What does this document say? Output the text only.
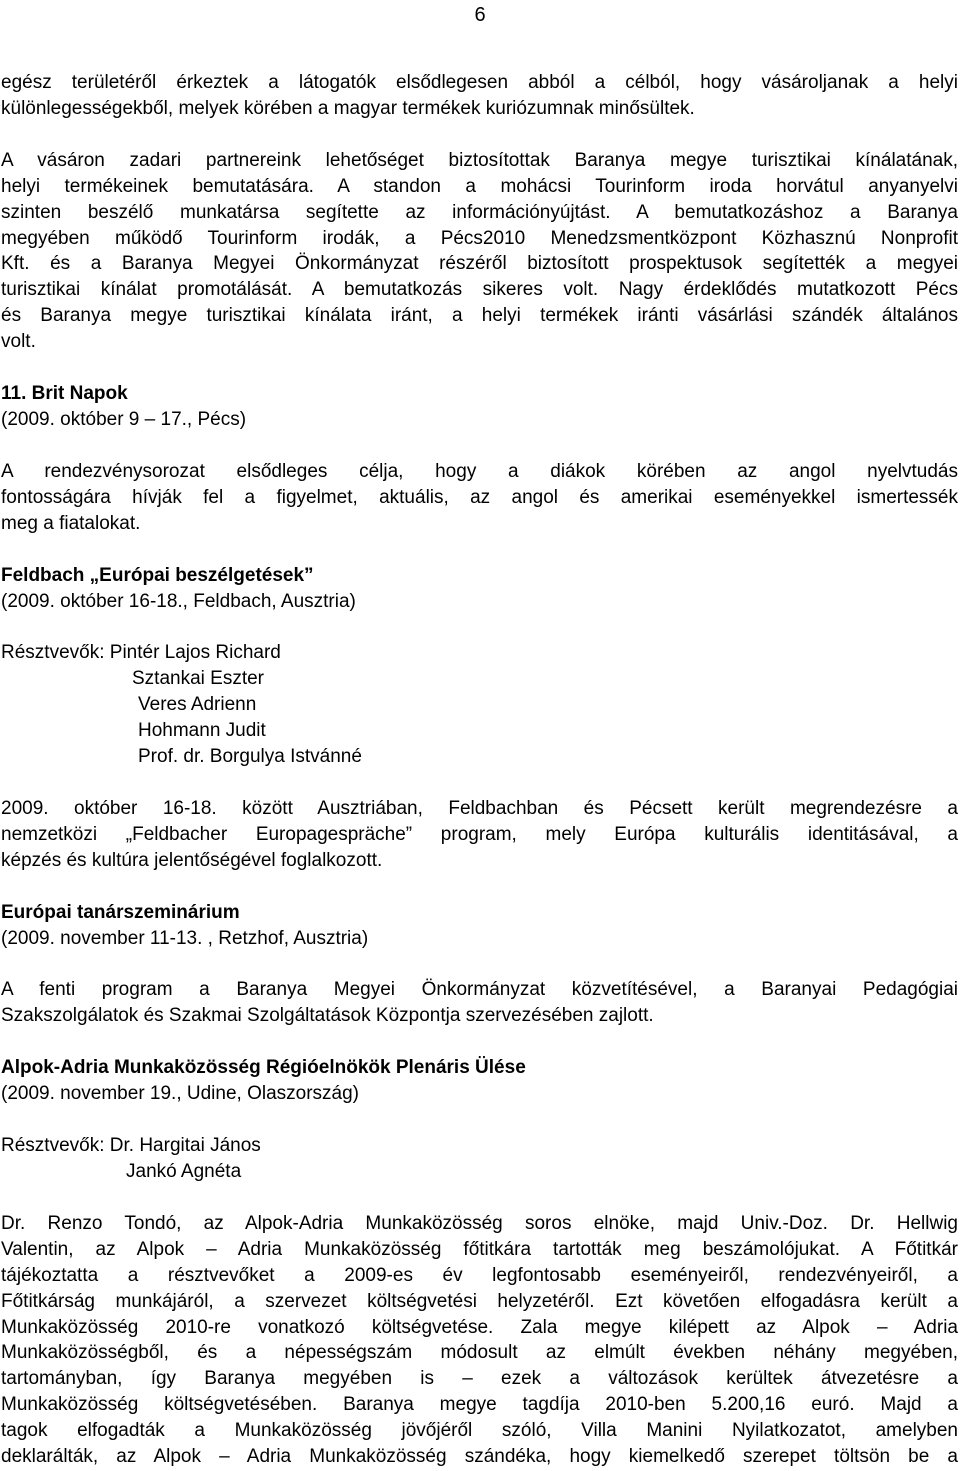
6

egész területéről érkeztek a látogatók elsődlegesen abból a célból, hogy vásároljanak a helyi
különlegességekből, melyek körében a magyar termékek kuriózumnak minősültek.

A vásáron zadari partnereink lehetőséget biztosítottak Baranya megye turisztikai kínálatának,
helyi termékeinek bemutatására. A standon a mohácsi Tourinform iroda horvátul anyanyelvi
szinten beszélő munkatársa segítette az információnyújtást. A bemutatkozáshoz a Baranya
megyében működő Tourinform irodák, a Pécs2010 Menedzsmentközpont Közhasznú Nonprofit
Kft. és a Baranya Megyei Önkormányzat részéről biztosított prospektusok segítették a megyei
turisztikai kínálat promotálását. A bemutatkozás sikeres volt. Nagy érdeklődés mutatkozott Pécs
és Baranya megye turisztikai kínálata iránt, a helyi termékek iránti vásárlási szándék általános
volt.

11. Brit Napok

(2009. október 9 – 17., Pécs)

A rendezvénysorozat elsődleges célja, hogy a diákok körében az angol nyelvtudás
fontosságára hívják fel a figyelmet, aktuális, az angol és amerikai eseményekkel ismertessék
meg a fiatalokat.

Feldbach „Európai beszélgetések”

(2009. október 16-18., Feldbach, Ausztria)

Résztvevők: Pintér Lajos Richard

Sztankai Eszter
Veres Adrienn
Hohmann Judit
Prof. dr. Borgulya Istvánné

2009. október 16-18. között Ausztriában, Feldbachban és Pécsett került megrendezésre a
nemzetközi „Feldbacher Europagespräche” program, mely Európa kulturális identitásával, a
képzés és kultúra jelentőségével foglalkozott.

Európai tanárszeminárium

(2009. november 11-13. , Retzhof, Ausztria)

A fenti program a Baranya Megyei Önkormányzat közvetítésével, a Baranyai Pedagógiai
Szakszolgálatok és Szakmai Szolgáltatások Központja szervezésében zajlott.

Alpok-Adria Munkaközösség Régióelnökök Plenáris Ülése

(2009. november 19., Udine, Olaszország)

Résztvevők: Dr. Hargitai János

Jankó Agnéta

Dr. Renzo Tondó, az Alpok-Adria Munkaközösség soros elnöke, majd Univ.-Doz. Dr. Hellwig
Valentin, az Alpok – Adria Munkaközösség főtitkára tartották meg beszámolójukat. A Főtitkár
tájékoztatta a résztvevőket a 2009-es év legfontosabb eseményeiről, rendezvényeiről, a
Főtitkárság munkájáról, a szervezet költségvetési helyzetéről. Ezt követően elfogadásra került a
Munkaközösség 2010-re vonatkozó költségvetése. Zala megye kilépett az Alpok – Adria
Munkaközösségből, és a népességszám módosult az elmúlt években néhány megyében,
tartományban, így Baranya megyében is – ezek a változások kerültek átvezetésre a
Munkaközösség költségvetésében. Baranya megye tagdíja 2010-ben 5.200,16 euró. Majd a
tagok elfogadták a Munkaközösség jövőjéről szóló, Villa Manini Nyilatkozatot, amelyben
deklarálták, az Alpok – Adria Munkaközösség szándéka, hogy kiemelkedő szerepet töltsön be a
